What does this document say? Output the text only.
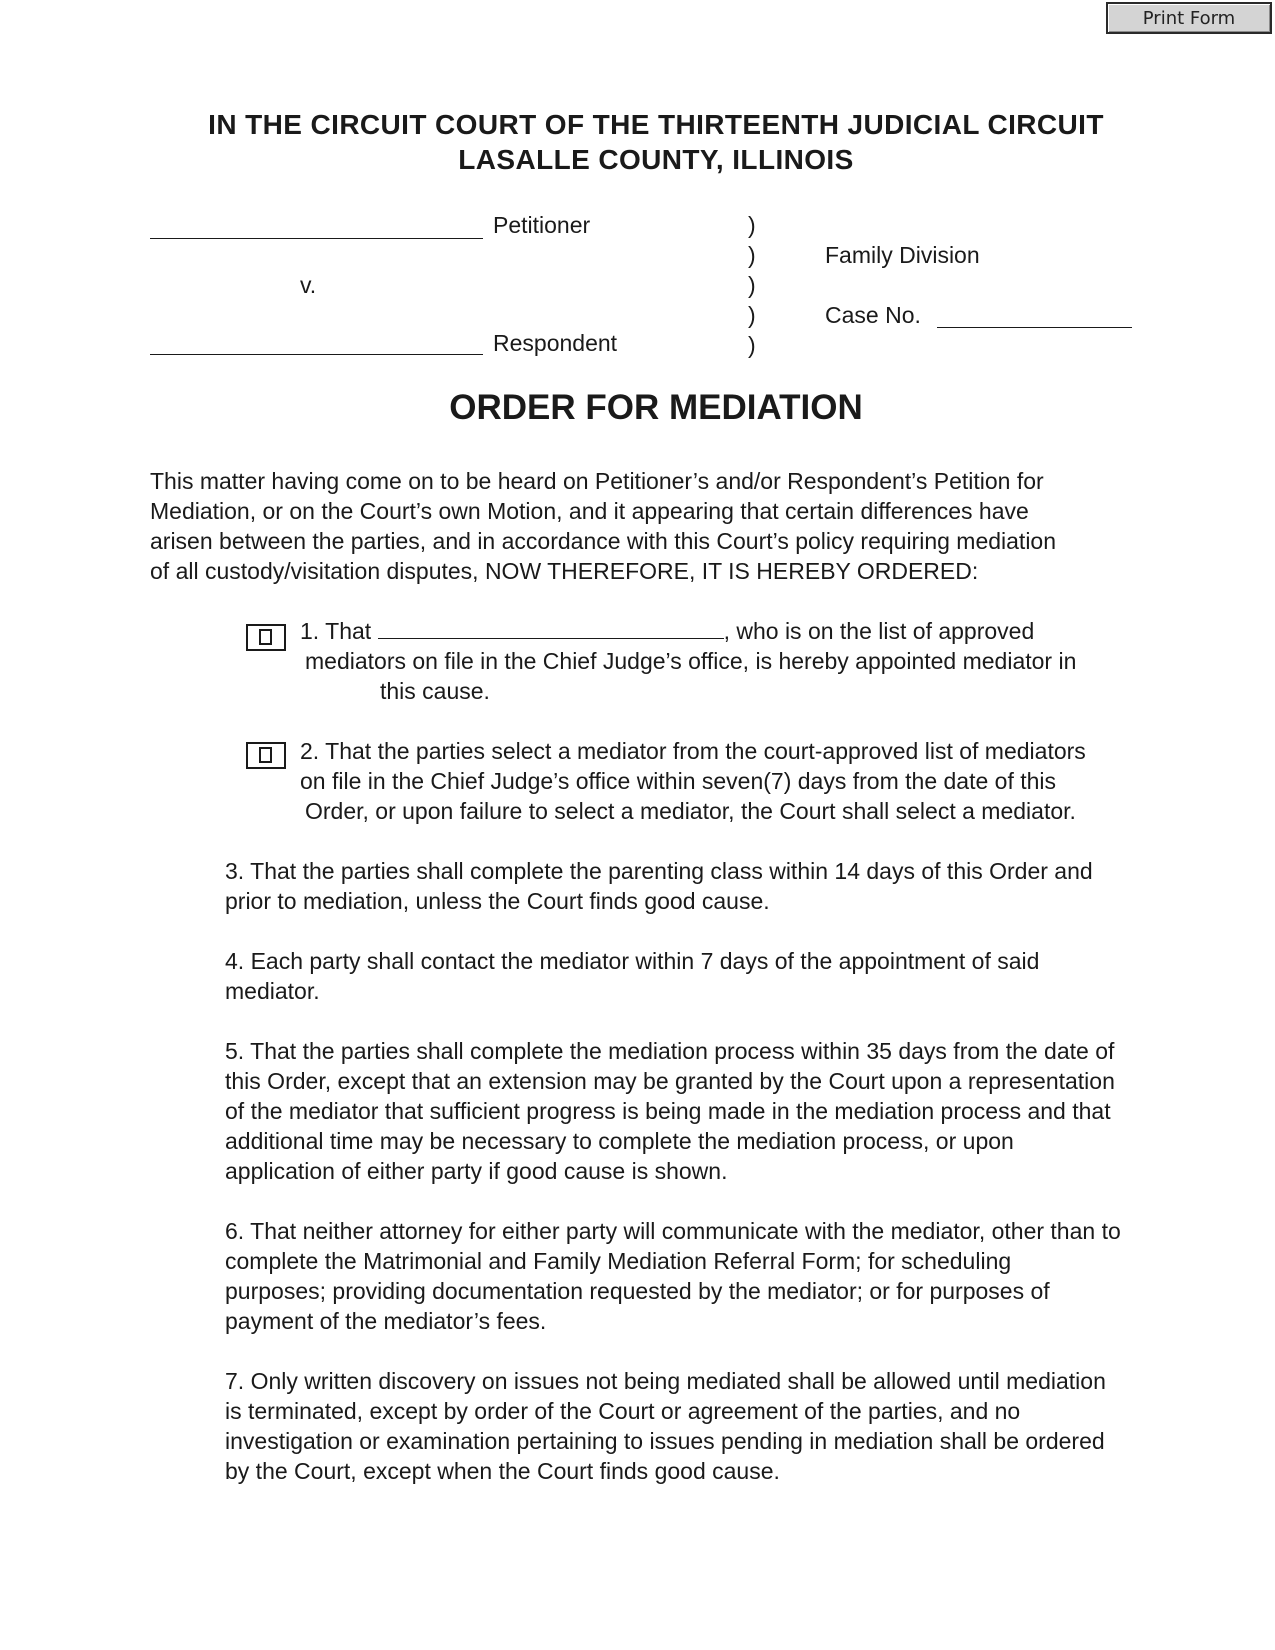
Print Form
IN THE CIRCUIT COURT OF THE THIRTEENTH JUDICIAL CIRCUIT
LASALLE COUNTY, ILLINOIS
Petitioner
v.
Respondent
)
)
)
)
)
Family Division
Case No.
ORDER FOR MEDIATION
This matter having come on to be heard on Petitioner’s and/or Respondent’s Petition for
Mediation, or on the Court’s own Motion, and it appearing that certain differences have
arisen between the parties, and in accordance with this Court’s policy requiring mediation
of all custody/visitation disputes, NOW THEREFORE, IT IS HEREBY ORDERED:
1. That	, who is on the list of approved
mediators on file in the Chief Judge’s office, is hereby appointed mediator in
this cause.
2. That the parties select a mediator from the court-approved list of mediators
on file in the Chief Judge’s office within seven(7) days from the date of this
Order, or upon failure to select a mediator, the Court shall select a mediator.
3. That the parties shall complete the parenting class within 14 days of this Order and
prior to mediation, unless the Court finds good cause.
4. Each party shall contact the mediator within 7 days of the appointment of said
mediator.
5. That the parties shall complete the mediation process within 35 days from the date of
this Order, except that an extension may be granted by the Court upon a representation
of the mediator that sufficient progress is being made in the mediation process and that
additional time may be necessary to complete the mediation process, or upon
application of either party if good cause is shown.
6. That neither attorney for either party will communicate with the mediator, other than to
complete the Matrimonial and Family Mediation Referral Form; for scheduling
purposes; providing documentation requested by the mediator; or for purposes of
payment of the mediator’s fees.
7. Only written discovery on issues not being mediated shall be allowed until mediation
is terminated, except by order of the Court or agreement of the parties, and no
investigation or examination pertaining to issues pending in mediation shall be ordered
by the Court, except when the Court finds good cause.
